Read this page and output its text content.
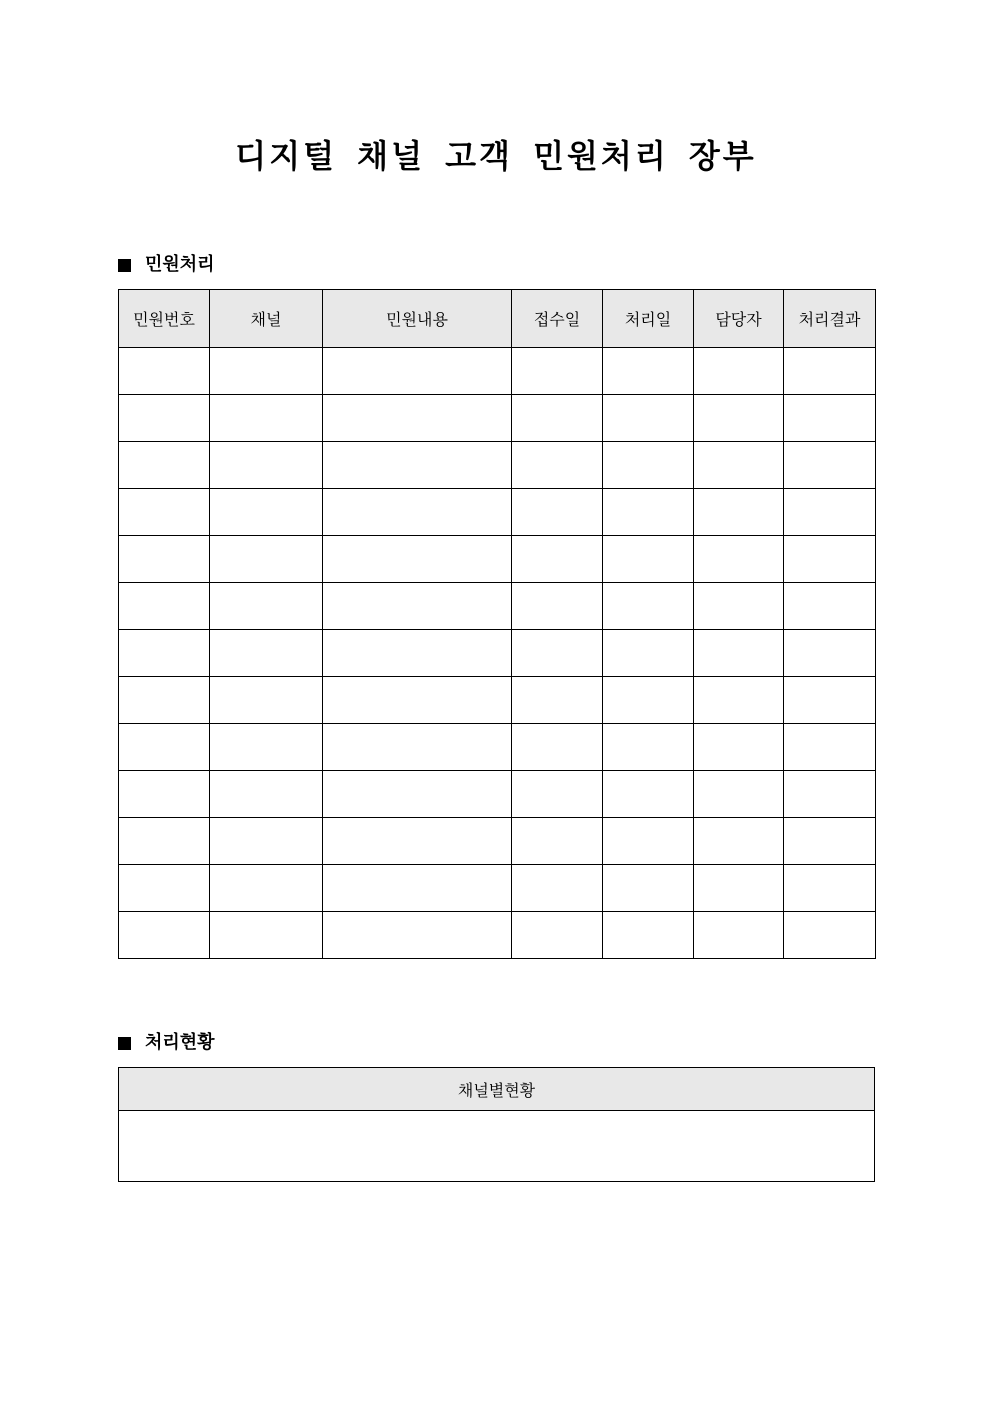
디지털 채널 고객 민원처리 장부
민원처리
민원번호	채널	민원내용	접수일	처리일	담당자	처리결과

처리현황
채널별현황
